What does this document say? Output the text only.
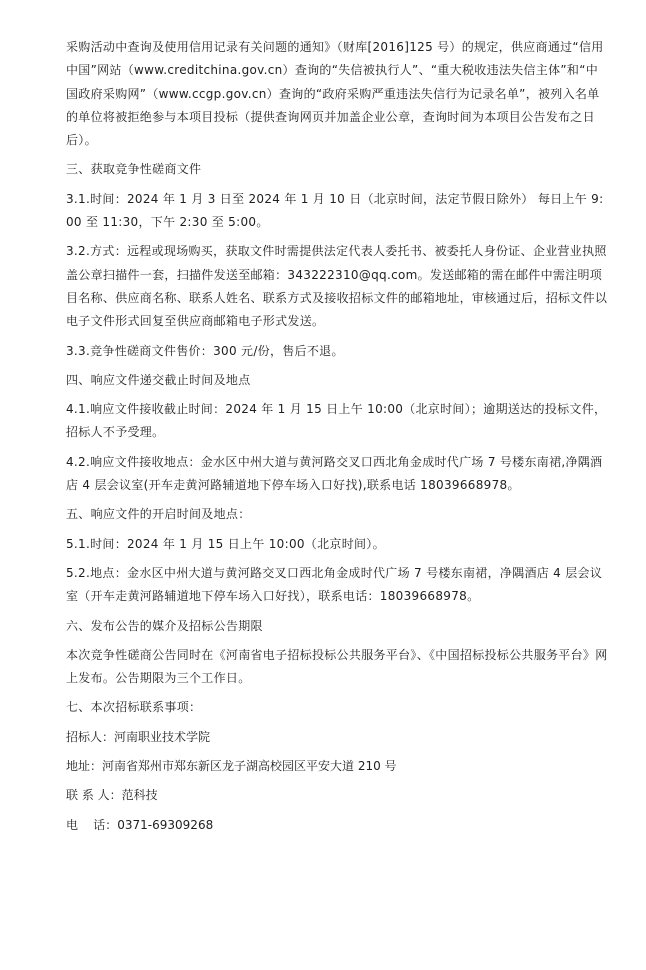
采购活动中查询及使用信用记录有关问题的通知》（财库[2016]125 号）的规定，供应商通过“信用中国”网站（www.creditchina.gov.cn）查询的“失信被执行人”、“重大税收违法失信主体”和“中国政府采购网”（www.ccgp.gov.cn）查询的“政府采购严重违法失信行为记录名单”，被列入名单的单位将被拒绝参与本项目投标（提供查询网页并加盖企业公章，查询时间为本项目公告发布之日后）。

三、获取竞争性磋商文件

3.1.时间：2024 年 1 月 3 日至 2024 年 1 月 10 日（北京时间，法定节假日除外） 每日上午 9:00 至 11:30，下午 2:30 至 5:00。

3.2.方式：远程或现场购买，获取文件时需提供法定代表人委托书、被委托人身份证、企业营业执照盖公章扫描件一套，扫描件发送至邮箱：343222310@qq.com。发送邮箱的需在邮件中需注明项目名称、供应商名称、联系人姓名、联系方式及接收招标文件的邮箱地址，审核通过后，招标文件以电子文件形式回复至供应商邮箱电子形式发送。

3.3.竞争性磋商文件售价：300 元/份，售后不退。

四、响应文件递交截止时间及地点

4.1.响应文件接收截止时间：2024 年 1 月 15 日上午 10:00（北京时间）；逾期送达的投标文件，招标人不予受理。

4.2.响应文件接收地点：金水区中州大道与黄河路交叉口西北角金成时代广场 7 号楼东南裙,净隅酒店 4 层会议室(开车走黄河路辅道地下停车场入口好找),联系电话 18039668978。

五、响应文件的开启时间及地点：

5.1.时间：2024 年 1 月 15 日上午 10:00（北京时间）。

5.2.地点：金水区中州大道与黄河路交叉口西北角金成时代广场 7 号楼东南裙，净隅酒店 4 层会议室（开车走黄河路辅道地下停车场入口好找），联系电话：18039668978。

六、发布公告的媒介及招标公告期限

本次竞争性磋商公告同时在《河南省电子招标投标公共服务平台》、《中国招标投标公共服务平台》网上发布。公告期限为三个工作日。

七、本次招标联系事项：

招标人：河南职业技术学院

地址：河南省郑州市郑东新区龙子湖高校园区平安大道 210 号

联 系 人：范科技

电    话：0371-69309268
